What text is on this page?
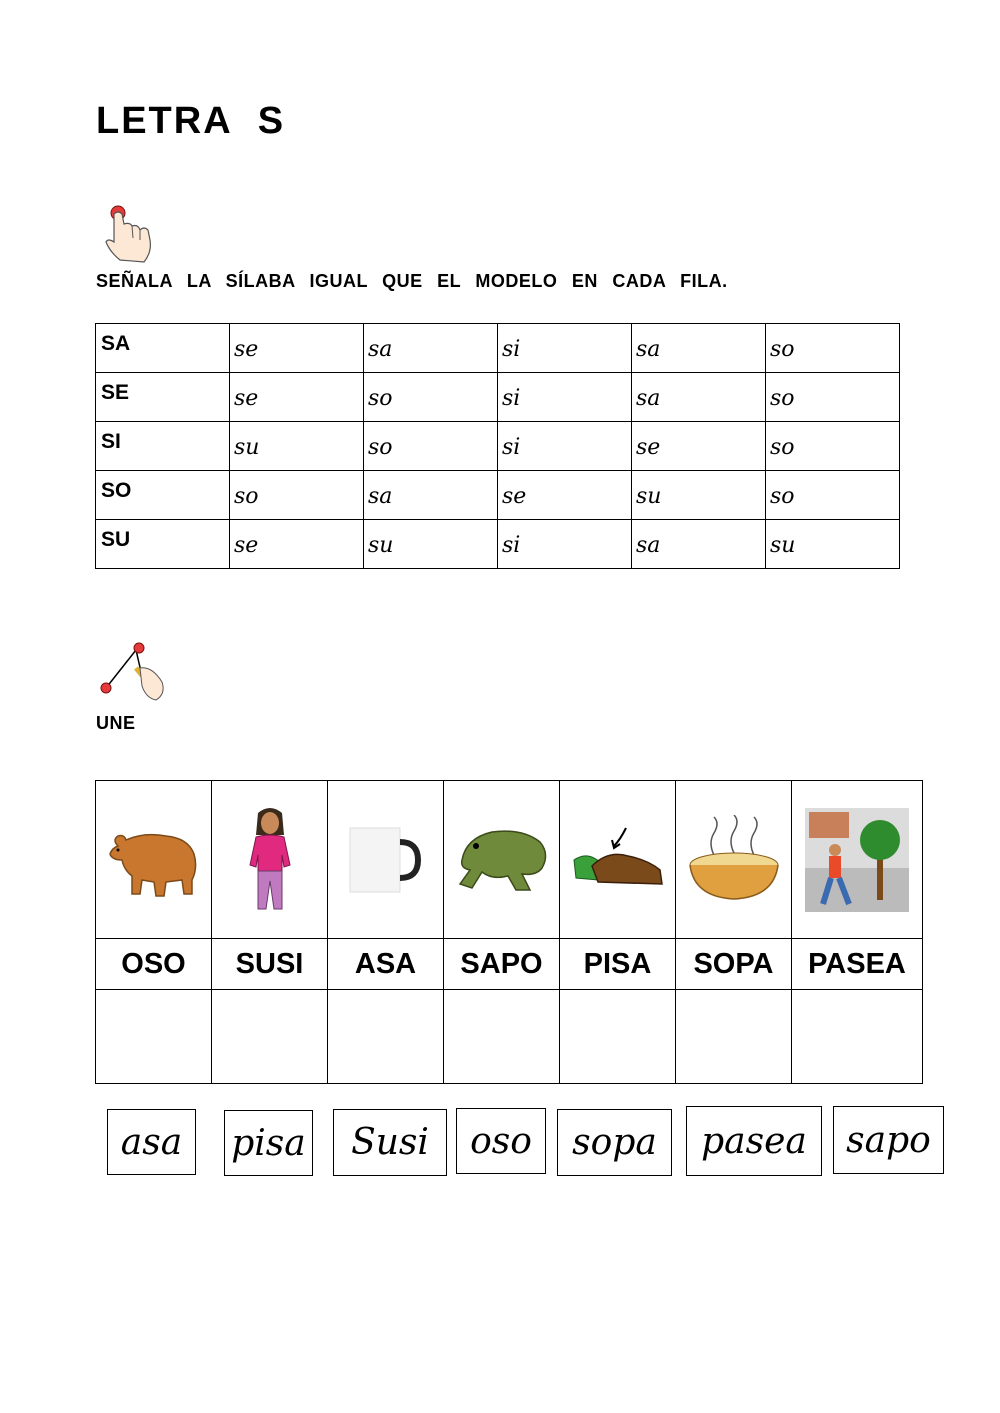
LETRA S
SEÑALA LA SÍLABA IGUAL QUE EL MODELO EN CADA FILA.
SA	se	sa	si	sa	so
SE	se	so	si	sa	so
SI	su	so	si	se	so
SO	so	sa	se	su	so
SU	se	su	si	sa	su
UNE

OSO	SUSI	ASA	SAPO	PISA	SOPA	PASEA

asa	pisa	Susi	oso	sopa	pasea	sapo
